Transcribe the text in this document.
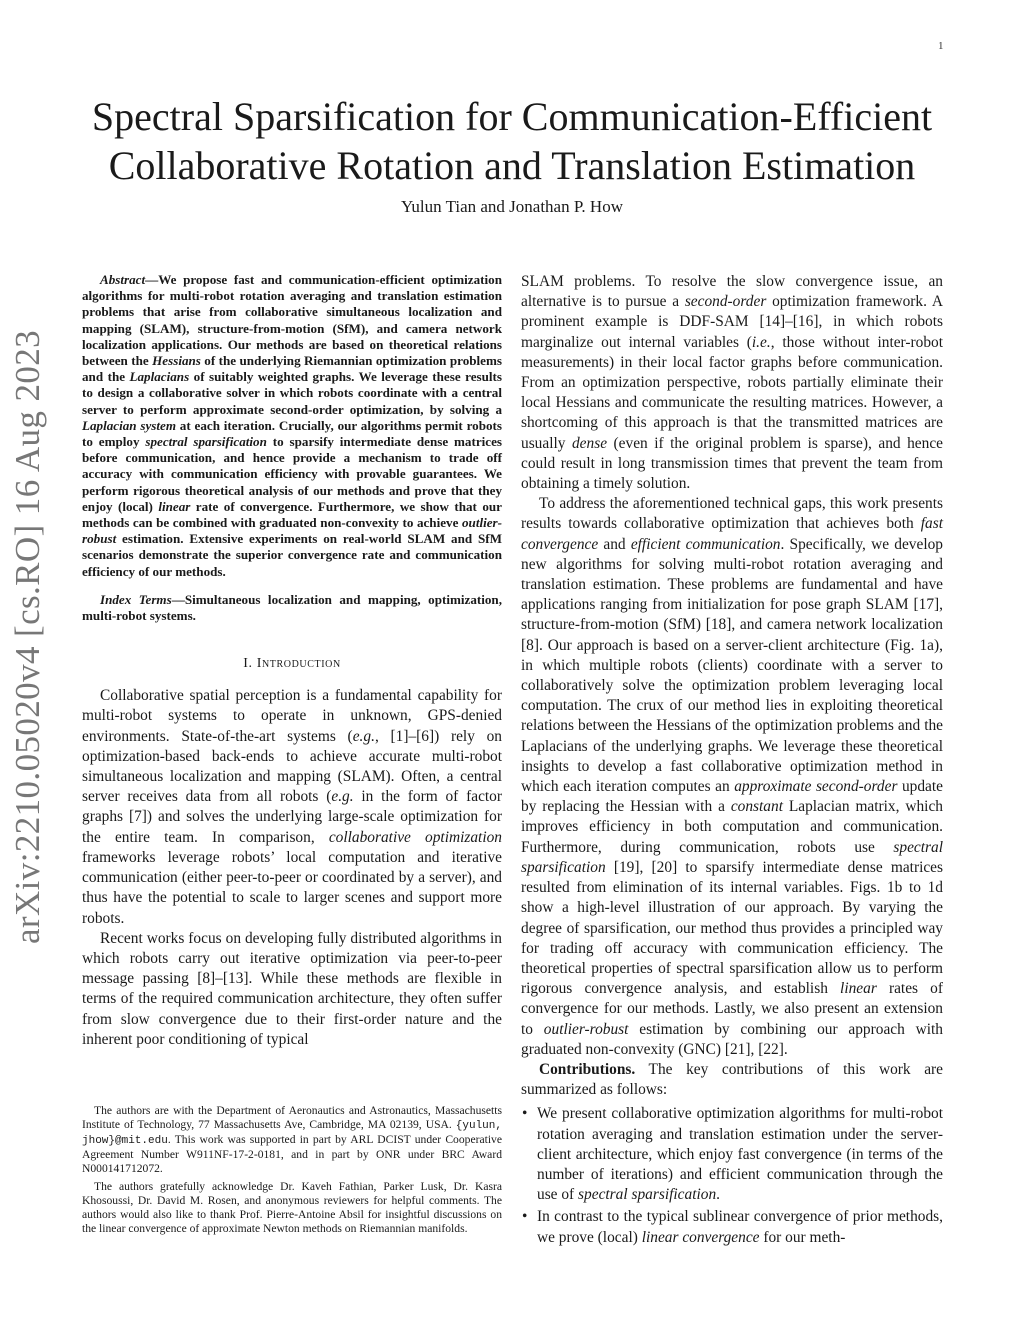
1
arXiv:2210.05020v4 [cs.RO] 16 Aug 2023
Spectral Sparsification for Communication-Efficient
Collaborative Rotation and Translation Estimation
Yulun Tian and Jonathan P. How

Abstract—We propose fast and communication-efficient optimization algorithms for multi-robot rotation averaging and translation estimation problems that arise from collaborative simultaneous localization and mapping (SLAM), structure-from-motion (SfM), and camera network localization applications. Our methods are based on theoretical relations between the Hessians of the underlying Riemannian optimization problems and the Laplacians of suitably weighted graphs. We leverage these results to design a collaborative solver in which robots coordinate with a central server to perform approximate second-order optimization, by solving a Laplacian system at each iteration. Crucially, our algorithms permit robots to employ spectral sparsification to sparsify intermediate dense matrices before communication, and hence provide a mechanism to trade off accuracy with communication efficiency with provable guarantees. We perform rigorous theoretical analysis of our methods and prove that they enjoy (local) linear rate of convergence. Furthermore, we show that our methods can be combined with graduated non-convexity to achieve outlier-robust estimation. Extensive experiments on real-world SLAM and SfM scenarios demonstrate the superior convergence rate and communication efficiency of our methods.

Index Terms—Simultaneous localization and mapping, optimization, multi-robot systems.

I. Introduction

Collaborative spatial perception is a fundamental capability for multi-robot systems to operate in unknown, GPS-denied environments. State-of-the-art systems (e.g., [1]–[6]) rely on optimization-based back-ends to achieve accurate multi-robot simultaneous localization and mapping (SLAM). Often, a central server receives data from all robots (e.g. in the form of factor graphs [7]) and solves the underlying large-scale optimization for the entire team. In comparison, collaborative optimization frameworks leverage robots’ local computation and iterative communication (either peer-to-peer or coordinated by a server), and thus have the potential to scale to larger scenes and support more robots.

Recent works focus on developing fully distributed algorithms in which robots carry out iterative optimization via peer-to-peer message passing [8]–[13]. While these methods are flexible in terms of the required communication architecture, they often suffer from slow convergence due to their first-order nature and the inherent poor conditioning of typical

The authors are with the Department of Aeronautics and Astronautics, Massachusetts Institute of Technology, 77 Massachusetts Ave, Cambridge, MA 02139, USA. {yulun, jhow}@mit.edu. This work was supported in part by ARL DCIST under Cooperative Agreement Number W911NF-17-2-0181, and in part by ONR under BRC Award N000141712072.

The authors gratefully acknowledge Dr. Kaveh Fathian, Parker Lusk, Dr. Kasra Khosoussi, Dr. David M. Rosen, and anonymous reviewers for helpful comments. The authors would also like to thank Prof. Pierre-Antoine Absil for insightful discussions on the linear convergence of approximate Newton methods on Riemannian manifolds.

SLAM problems. To resolve the slow convergence issue, an alternative is to pursue a second-order optimization framework. A prominent example is DDF-SAM [14]–[16], in which robots marginalize out internal variables (i.e., those without inter-robot measurements) in their local factor graphs before communication. From an optimization perspective, robots partially eliminate their local Hessians and communicate the resulting matrices. However, a shortcoming of this approach is that the transmitted matrices are usually dense (even if the original problem is sparse), and hence could result in long transmission times that prevent the team from obtaining a timely solution.

To address the aforementioned technical gaps, this work presents results towards collaborative optimization that achieves both fast convergence and efficient communication. Specifically, we develop new algorithms for solving multi-robot rotation averaging and translation estimation. These problems are fundamental and have applications ranging from initialization for pose graph SLAM [17], structure-from-motion (SfM) [18], and camera network localization [8]. Our approach is based on a server-client architecture (Fig. 1a), in which multiple robots (clients) coordinate with a server to collaboratively solve the optimization problem leveraging local computation. The crux of our method lies in exploiting theoretical relations between the Hessians of the optimization problems and the Laplacians of the underlying graphs. We leverage these theoretical insights to develop a fast collaborative optimization method in which each iteration computes an approximate second-order update by replacing the Hessian with a constant Laplacian matrix, which improves efficiency in both computation and communication. Furthermore, during communication, robots use spectral sparsification [19], [20] to sparsify intermediate dense matrices resulted from elimination of its internal variables. Figs. 1b to 1d show a high-level illustration of our approach. By varying the degree of sparsification, our method thus provides a principled way for trading off accuracy with communication efficiency. The theoretical properties of spectral sparsification allow us to perform rigorous convergence analysis, and establish linear rates of convergence for our methods. Lastly, we also present an extension to outlier-robust estimation by combining our approach with graduated non-convexity (GNC) [21], [22].

Contributions. The key contributions of this work are summarized as follows:

• We present collaborative optimization algorithms for multi-robot rotation averaging and translation estimation under the server-client architecture, which enjoy fast convergence (in terms of the number of iterations) and efficient communication through the use of spectral sparsification.
• In contrast to the typical sublinear convergence of prior methods, we prove (local) linear convergence for our meth-
